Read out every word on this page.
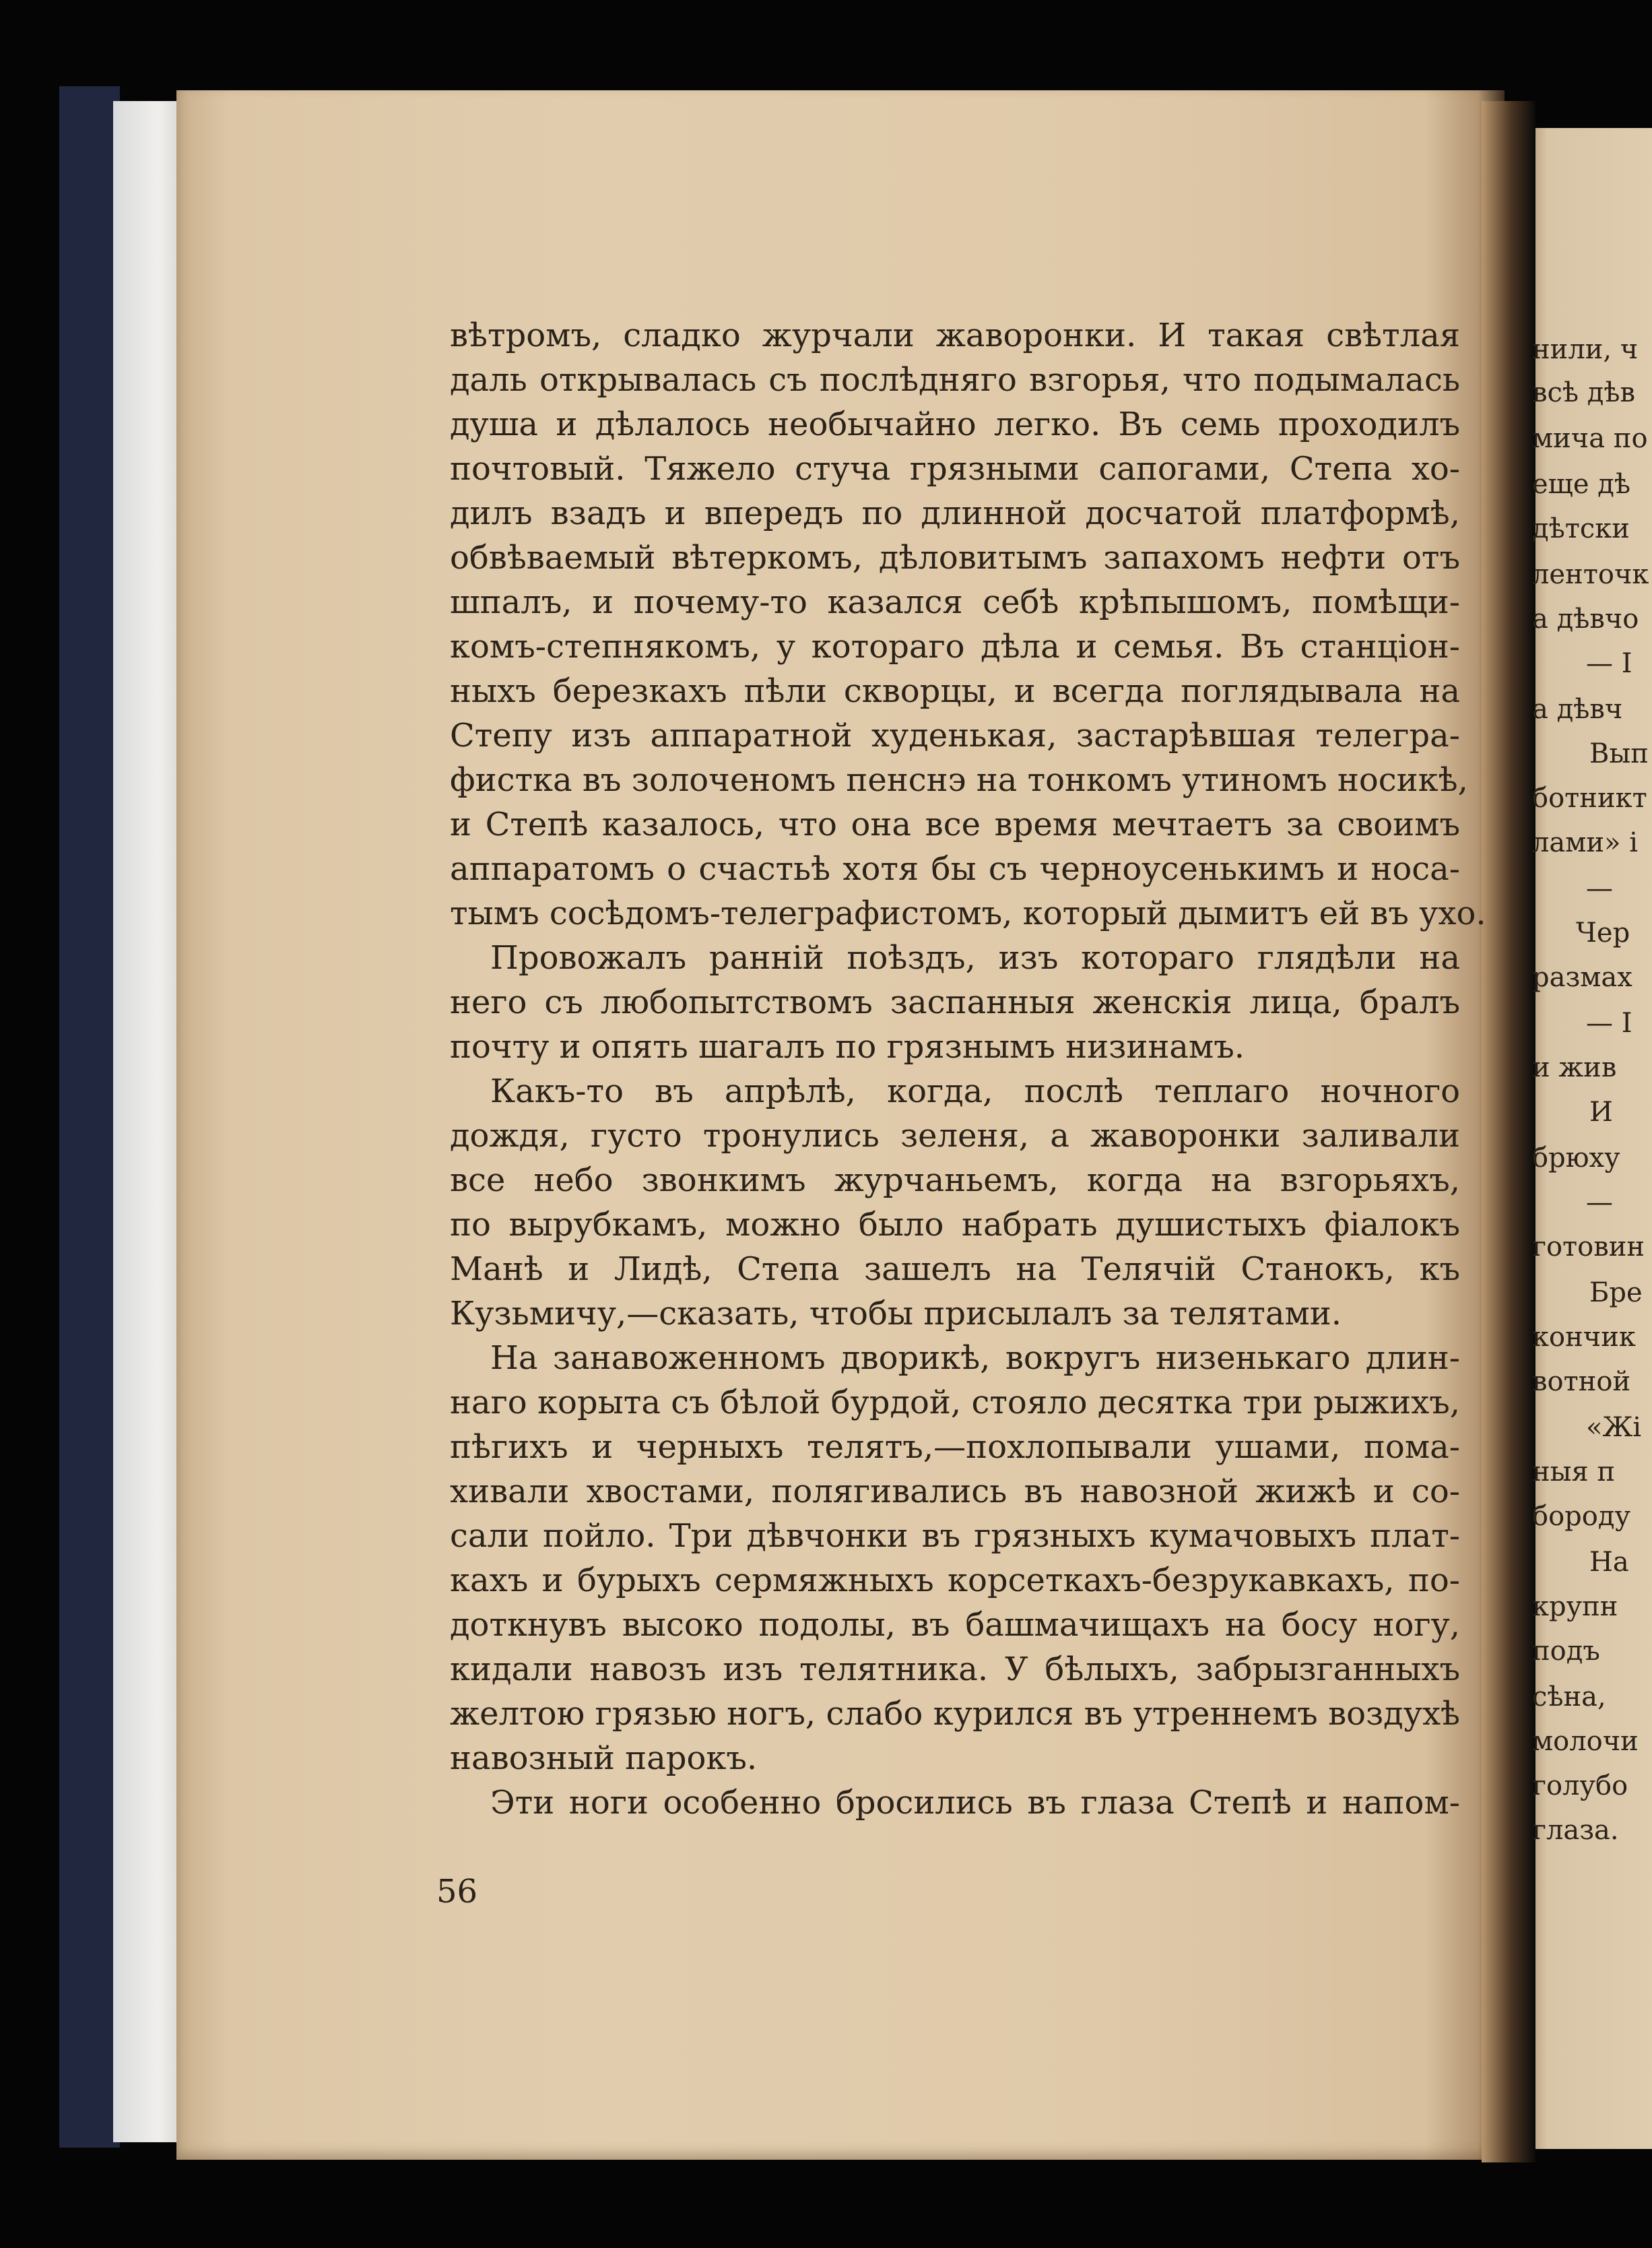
вѣтромъ, сладко журчали жаворонки. И такая свѣтлая
даль открывалась съ послѣдняго взгорья, что подымалась
душа и дѣлалось необычайно легко. Въ семь проходилъ
почтовый. Тяжело стуча грязными сапогами, Степа хо-
дилъ взадъ и впередъ по длинной досчатой платформѣ,
обвѣваемый вѣтеркомъ, дѣловитымъ запахомъ нефти отъ
шпалъ, и почему-то казался себѣ крѣпышомъ, помѣщи-
комъ-степнякомъ, у котораго дѣла и семья. Въ станціон-
ныхъ березкахъ пѣли скворцы, и всегда поглядывала на
Степу изъ аппаратной худенькая, застарѣвшая телегра-
фистка въ золоченомъ пенснэ на тонкомъ утиномъ носикѣ,
и Степѣ казалось, что она все время мечтаетъ за своимъ
аппаратомъ о счастьѣ хотя бы съ черноусенькимъ и носа-
тымъ сосѣдомъ-телеграфистомъ, который дымитъ ей въ ухо.
Провожалъ ранній поѣздъ, изъ котораго глядѣли на
него съ любопытствомъ заспанныя женскія лица, бралъ
почту и опять шагалъ по грязнымъ низинамъ.
Какъ-то въ апрѣлѣ, когда, послѣ теплаго ночного
дождя, густо тронулись зеленя, а жаворонки заливали
все небо звонкимъ журчаньемъ, когда на взгорьяхъ,
по вырубкамъ, можно было набрать душистыхъ фіалокъ
Манѣ и Лидѣ, Степа зашелъ на Телячій Станокъ, къ
Кузьмичу,—сказать, чтобы присылалъ за телятами.
На занавоженномъ дворикѣ, вокругъ низенькаго длин-
наго корыта съ бѣлой бурдой, стояло десятка три рыжихъ,
пѣгихъ и черныхъ телятъ,—похлопывали ушами, пома-
хивали хвостами, полягивались въ навозной жижѣ и со-
сали пойло. Три дѣвчонки въ грязныхъ кумачовыхъ плат-
кахъ и бурыхъ сермяжныхъ корсеткахъ-безрукавкахъ, по-
доткнувъ высоко подолы, въ башмачищахъ на босу ногу,
кидали навозъ изъ телятника. У бѣлыхъ, забрызганныхъ
желтою грязью ногъ, слабо курился въ утреннемъ воздухѣ
навозный парокъ.
Эти ноги особенно бросились въ глаза Степѣ и напом-
56
нили, ч
всѣ дѣв
мича по
еще дѣ
дѣтски
ленточк
а дѣвчо
— І
а дѣвч
Вып
ботникт
лами» і
—
Чер
размах
— І
и жив
И
брюху
—
готовин
Бре
кончик
вотной
«Жі
ныя п
бороду
На
крупн
подъ
сѣна,
молочи
голубо
глаза.
